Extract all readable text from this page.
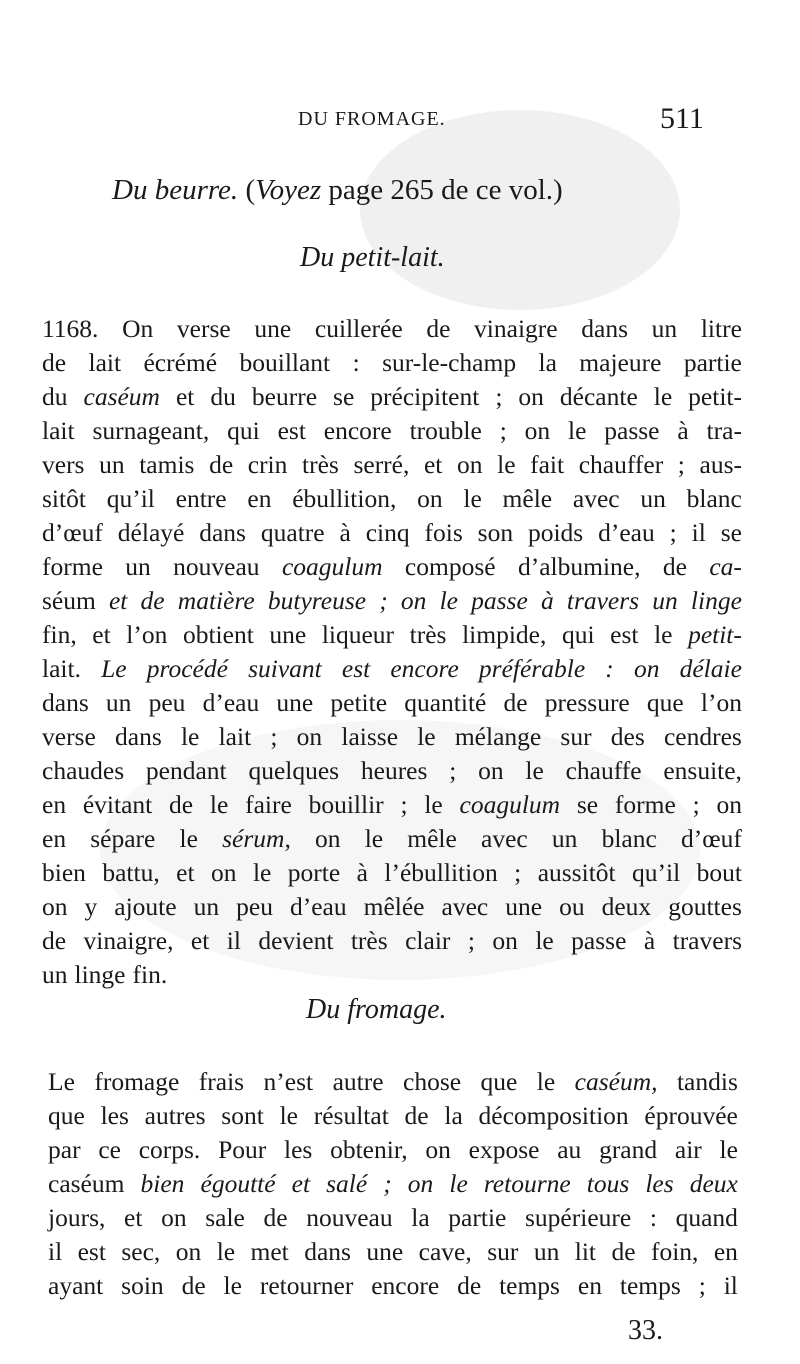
DU FROMAGE.	511
Du beurre. (Voyez page 265 de ce vol.)
Du petit-lait.
1168. On verse une cuillerée de vinaigre dans un litre
de lait écrémé bouillant : sur-le-champ la majeure partie
du caséum et du beurre se précipitent ; on décante le petit-
lait surnageant, qui est encore trouble ; on le passe à tra-
vers un tamis de crin très serré, et on le fait chauffer ; aus-
sitôt qu’il entre en ébullition, on le mêle avec un blanc
d’œuf délayé dans quatre à cinq fois son poids d’eau ; il se
forme un nouveau coagulum composé d’albumine, de ca-
séum et de matière butyreuse ; on le passe à travers un linge
fin, et l’on obtient une liqueur très limpide, qui est le petit-
lait. Le procédé suivant est encore préférable : on délaie
dans un peu d’eau une petite quantité de pressure que l’on
verse dans le lait ; on laisse le mélange sur des cendres
chaudes pendant quelques heures ; on le chauffe ensuite,
en évitant de le faire bouillir ; le coagulum se forme ; on
en sépare le sérum, on le mêle avec un blanc d’œuf
bien battu, et on le porte à l’ébullition ; aussitôt qu’il bout
on y ajoute un peu d’eau mêlée avec une ou deux gouttes
de vinaigre, et il devient très clair ; on le passe à travers
un linge fin.
Du fromage.
Le fromage frais n’est autre chose que le caséum, tandis
que les autres sont le résultat de la décomposition éprouvée
par ce corps. Pour les obtenir, on expose au grand air le
caséum bien égoutté et salé ; on le retourne tous les deux
jours, et on sale de nouveau la partie supérieure : quand
il est sec, on le met dans une cave, sur un lit de foin, en
ayant soin de le retourner encore de temps en temps ; il
33.
